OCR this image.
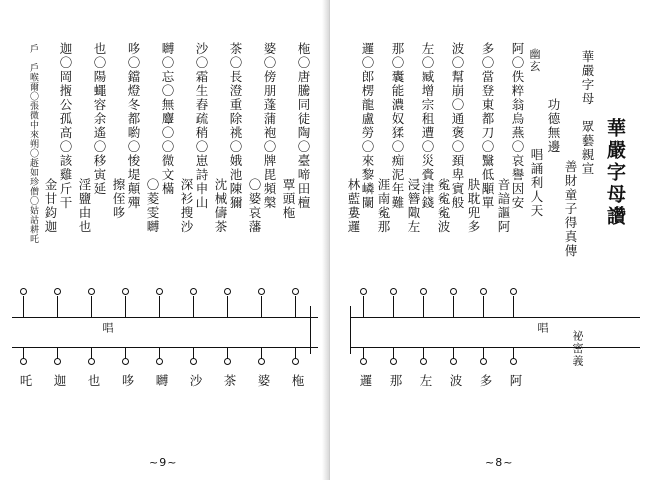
柂〇唐騰同徒陶〇臺啼田檀
覃頭柂
婆〇傍朋蓬蒲袍〇牌毘頻槃
〇婆哀藩
茶〇長澄重除祧〇娥池陳獮
沈械儔茶
沙〇霜生舂疏稍〇崽詩申山
深衫搜沙
嚩〇忘〇無麞〇〇微文樠
〇菱雯嚩
哆〇鐺燈冬都喲〇悛堤顛殫
擦侄哆
也〇陽蠅容余遙〇移寅延
淫鹽由也
迦〇岡揯公孤高〇該雞斤干
金甘鈞迦
戶　戶喉爾〇張微中來朔〇䞣如珍僧〇姑詁耕吒
唱
柂
婆
茶
沙
嚩
哆
也
迦
吒
~9~
華嚴字母讚
華嚴字母　眾藝親宣
善財童子得真傳
功德無邊
唱誦利人天
幽玄
阿〇佚粹翁烏燕〇哀譽因安
音諳謳阿
多〇當登東都刀〇黳低顒單
䏐耽兜多
波〇幫崩〇通褒〇頚卑賓般
㝹㝹㝹波
左〇臧增宗租遭〇災賫津錢
浸簪陬左
那〇囊能濃奴猱〇痴泥年難
涯南㝹那
邏〇郎楞龍盧勞〇來黎嶙闌
林藍婁邏
唱
祕密義
阿
多
波
左
那
邏
~8~
